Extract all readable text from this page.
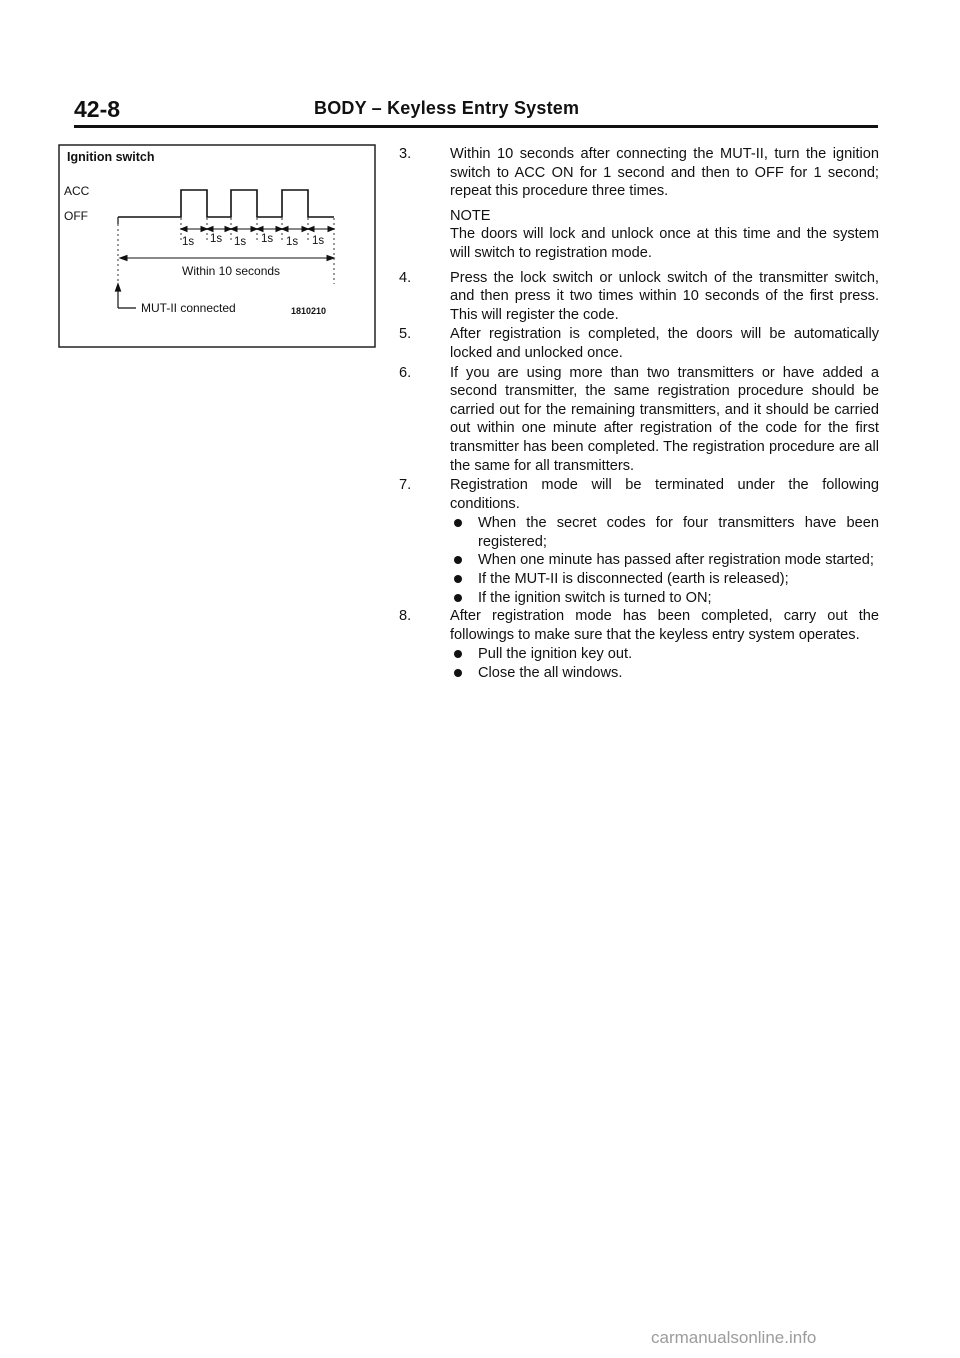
42-8	BODY – Keyless Entry System
Ignition switch
ACC
OFF
1s 1s 1s 1s 1s 1s
Within 10 seconds
MUT-II connected	1810210
3.	Within 10 seconds after connecting the MUT-II, turn the ignition switch to ACC ON for 1 second and then to OFF for 1 second; repeat this procedure three times.
NOTE
The doors will lock and unlock once at this time and the system will switch to registration mode.
4.	Press the lock switch or unlock switch of the transmitter switch, and then press it two times within 10 seconds of the first press. This will register the code.
5.	After registration is completed, the doors will be automatically locked and unlocked once.
6.	If you are using more than two transmitters or have added a second transmitter, the same registration procedure should be carried out for the remaining transmitters, and it should be carried out within one minute after registration of the code for the first transmitter has been completed. The registration procedure are all the same for all transmitters.
7.	Registration mode will be terminated under the following conditions.
When the secret codes for four transmitters have been registered;
When one minute has passed after registration mode started;
If the MUT-II is disconnected (earth is released);
If the ignition switch is turned to ON;
8.	After registration mode has been completed, carry out the followings to make sure that the keyless entry system operates.
Pull the ignition key out.
Close the all windows.
carmanualsonline.info
